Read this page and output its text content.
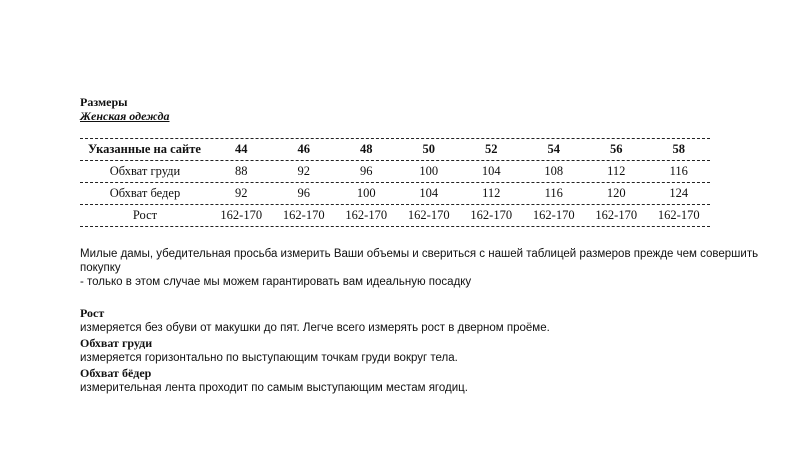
Размеры
Женская одежда
Указанные на сайте	44	46	48	50	52	54	56	58
Обхват груди	88	92	96	100	104	108	112	116
Обхват бедер	92	96	100	104	112	116	120	124
Рост	162-170	162-170	162-170	162-170	162-170	162-170	162-170	162-170

Милые дамы, убедительная просьба измерить Ваши объемы и свериться с нашей таблицей размеров прежде чем совершить покупку

- только в этом случае мы можем гарантировать вам идеальную посадку

Рост
измеряется без обуви от макушки до пят. Легче всего измерять рост в дверном проёме.
Обхват груди
измеряется горизонтально по выступающим точкам груди вокруг тела.
Обхват бёдер
измерительная лента проходит по самым выступающим местам ягодиц.
